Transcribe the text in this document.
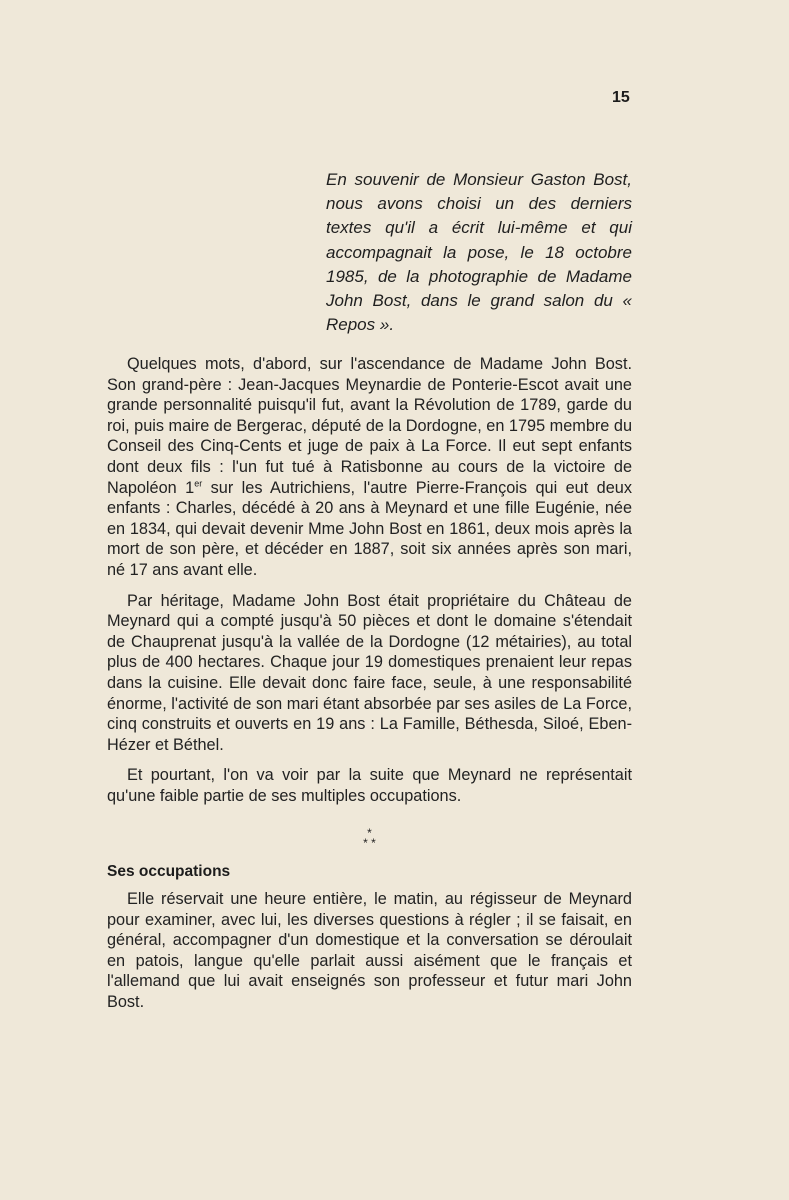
15
En souvenir de Monsieur Gaston Bost, nous avons choisi un des derniers textes qu'il a écrit lui-même et qui accompagnait la pose, le 18 octobre 1985, de la photographie de Madame John Bost, dans le grand salon du « Repos ».

Quelques mots, d'abord, sur l'ascendance de Madame John Bost. Son grand-père : Jean-Jacques Meynardie de Ponterie-Escot avait une grande personnalité puisqu'il fut, avant la Révolution de 1789, garde du roi, puis maire de Bergerac, député de la Dordogne, en 1795 membre du Conseil des Cinq-Cents et juge de paix à La Force. Il eut sept enfants dont deux fils : l'un fut tué à Ratisbonne au cours de la victoire de Napoléon 1er sur les Autrichiens, l'autre Pierre-François qui eut deux enfants : Charles, décédé à 20 ans à Meynard et une fille Eugénie, née en 1834, qui devait devenir Mme John Bost en 1861, deux mois après la mort de son père, et décéder en 1887, soit six années après son mari, né 17 ans avant elle.

Par héritage, Madame John Bost était propriétaire du Château de Meynard qui a compté jusqu'à 50 pièces et dont le domaine s'étendait de Chauprenat jusqu'à la vallée de la Dordogne (12 métairies), au total plus de 400 hectares. Chaque jour 19 domestiques prenaient leur repas dans la cuisine. Elle devait donc faire face, seule, à une responsabilité énorme, l'activité de son mari étant absorbée par ses asiles de La Force, cinq construits et ouverts en 19 ans : La Famille, Béthesda, Siloé, Eben-Hézer et Béthel.

Et pourtant, l'on va voir par la suite que Meynard ne représentait qu'une faible partie de ses multiples occupations.

*
* *
Ses occupations

Elle réservait une heure entière, le matin, au régisseur de Meynard pour examiner, avec lui, les diverses questions à régler ; il se faisait, en général, accompagner d'un domestique et la conversation se déroulait en patois, langue qu'elle parlait aussi aisément que le français et l'allemand que lui avait enseignés son professeur et futur mari John Bost.
